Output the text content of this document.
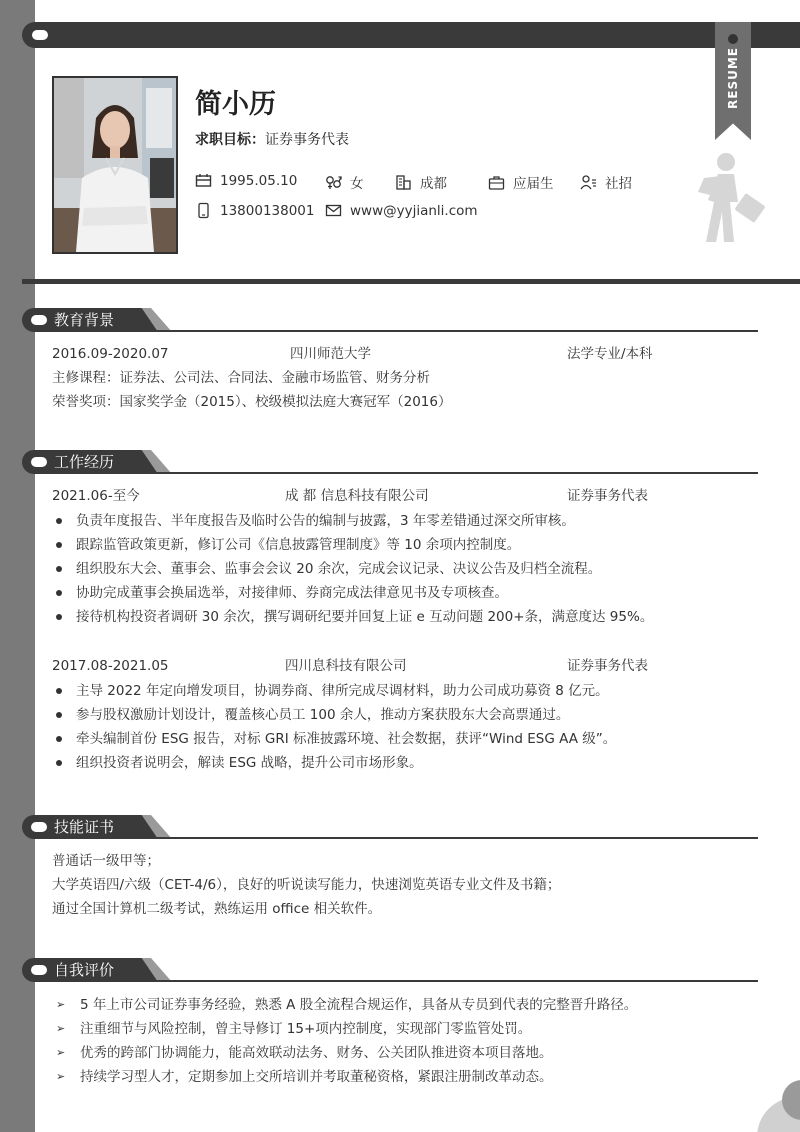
RESUME
简小历
求职目标：证券事务代表
1995.05.10	女	成都	应届生	社招
13800138001	www@yyjianli.com
教育背景
2016.09-2020.07	四川师范大学	法学专业/本科
主修课程：证券法、公司法、合同法、金融市场监管、财务分析
荣誉奖项：国家奖学金（2015）、校级模拟法庭大赛冠军（2016）
工作经历
2021.06-至今	成 都 信息科技有限公司	证券事务代表
负责年度报告、半年度报告及临时公告的编制与披露，3 年零差错通过深交所审核。
跟踪监管政策更新，修订公司《信息披露管理制度》等 10 余项内控制度。
组织股东大会、董事会、监事会会议 20 余次，完成会议记录、决议公告及归档全流程。
协助完成董事会换届选举，对接律师、券商完成法律意见书及专项核查。
接待机构投资者调研 30 余次，撰写调研纪要并回复上证 e 互动问题 200+条，满意度达 95%。
2017.08-2021.05	四川息科技有限公司	证券事务代表
主导 2022 年定向增发项目，协调券商、律所完成尽调材料，助力公司成功募资 8 亿元。
参与股权激励计划设计，覆盖核心员工 100 余人，推动方案获股东大会高票通过。
牵头编制首份 ESG 报告，对标 GRI 标准披露环境、社会数据，获评“Wind ESG AA 级”。
组织投资者说明会，解读 ESG 战略，提升公司市场形象。
技能证书
普通话一级甲等；
大学英语四/六级（CET-4/6），良好的听说读写能力，快速浏览英语专业文件及书籍；
通过全国计算机二级考试，熟练运用 office 相关软件。
自我评价
➢ 5 年上市公司证券事务经验，熟悉 A 股全流程合规运作，具备从专员到代表的完整晋升路径。
➢ 注重细节与风险控制，曾主导修订 15+项内控制度，实现部门零监管处罚。
➢ 优秀的跨部门协调能力，能高效联动法务、财务、公关团队推进资本项目落地。
➢ 持续学习型人才，定期参加上交所培训并考取董秘资格，紧跟注册制改革动态。
